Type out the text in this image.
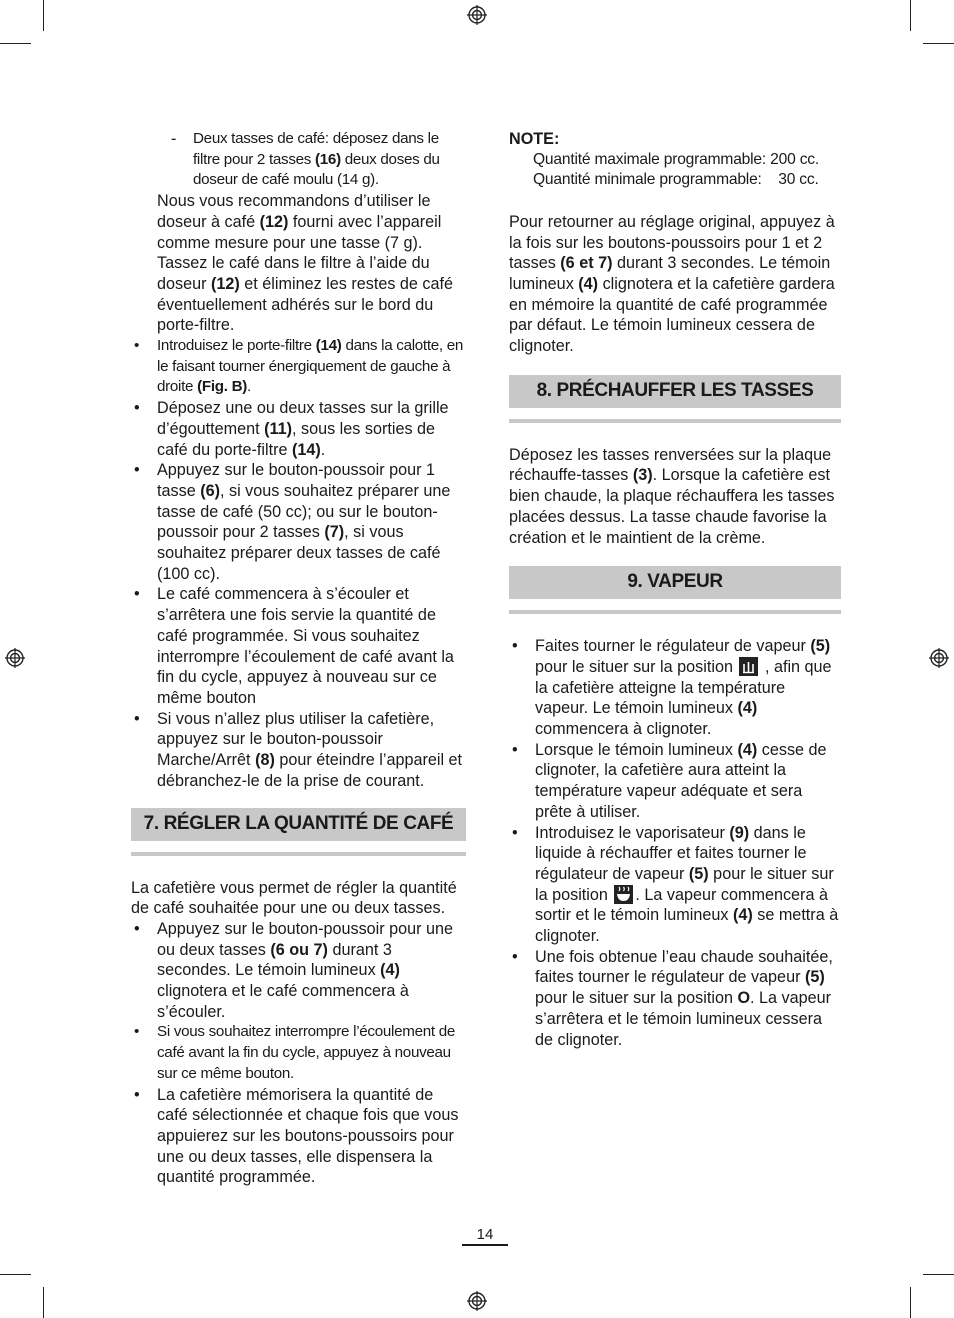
-	Deux tasses de café: déposez dans le filtre pour 2 tasses (16) deux doses du doseur de café moulu (14 g).

Nous vous recommandons d’utiliser le doseur à café (12) fourni avec l’appareil comme mesure pour une tasse (7 g). Tassez le café dans le filtre à l’aide du doseur (12) et éliminez les restes de café éventuellement adhérés sur le bord du porte-filtre.

• Introduisez le porte-filtre (14) dans la calotte, en le faisant tourner énergiquement de gauche à droite (Fig. B).
• Déposez une ou deux tasses sur la grille d’égouttement (11), sous les sorties de café du porte-filtre (14).
• Appuyez sur le bouton-poussoir pour 1 tasse (6), si vous souhaitez préparer une tasse de café (50 cc); ou sur le bouton-poussoir pour 2 tasses (7), si vous souhaitez préparer deux tasses de café (100 cc).
• Le café commencera à s’écouler et s’arrêtera une fois servie la quantité de café programmée. Si vous souhaitez interrompre l’écoulement de café avant la fin du cycle, appuyez à nouveau sur ce même bouton
• Si vous n’allez plus utiliser la cafetière, appuyez sur le bouton-poussoir Marche/Arrêt (8) pour éteindre l’appareil et débranchez-le de la prise de courant.
7. RÉGLER LA QUANTITÉ DE CAFÉ

La cafetière vous permet de régler la quantité de café souhaitée pour une ou deux tasses.

• Appuyez sur le bouton-poussoir pour une ou deux tasses (6 ou 7) durant 3 secondes. Le témoin lumineux (4) clignotera et le café commencera à s’écouler.
• Si vous souhaitez interrompre l’écoulement de café avant la fin du cycle, appuyez à nouveau sur ce même bouton.
• La cafetière mémorisera la quantité de café sélectionnée et chaque fois que vous appuierez sur les boutons-poussoirs pour une ou deux tasses, elle dispensera la quantité programmée.

NOTE:

Quantité maximale programmable: 200 cc.

Quantité minimale programmable: 30 cc.

Pour retourner au réglage original, appuyez à la fois sur les boutons-poussoirs pour 1 et 2 tasses (6 et 7) durant 3 secondes. Le témoin lumineux (4) clignotera et la cafetière gardera en mémoire la quantité de café programmée par défaut. Le témoin lumineux cessera de clignoter.

8. PRÉCHAUFFER LES TASSES

Déposez les tasses renversées sur la plaque réchauffe-tasses (3). Lorsque la cafetière est bien chaude, la plaque réchauffera les tasses placées dessus. La tasse chaude favorise la création et le maintient de la crème.

9. VAPEUR
• Faites tourner le régulateur de vapeur (5) pour le situer sur la position  , afin que la cafetière atteigne la température vapeur. Le témoin lumineux (4) commencera à clignoter.
• Lorsque le témoin lumineux (4) cesse de clignoter, la cafetière aura atteint la température vapeur adéquate et sera prête à utiliser.
• Introduisez le vaporisateur (9) dans le liquide à réchauffer et faites tourner le régulateur de vapeur (5) pour le situer sur la position . La vapeur commencera à sortir et le témoin lumineux (4) se mettra à clignoter.
• Une fois obtenue l’eau chaude souhaitée, faites tourner le régulateur de vapeur (5) pour le situer sur la position O. La vapeur s’arrêtera et le témoin lumineux cessera de clignoter.
14
